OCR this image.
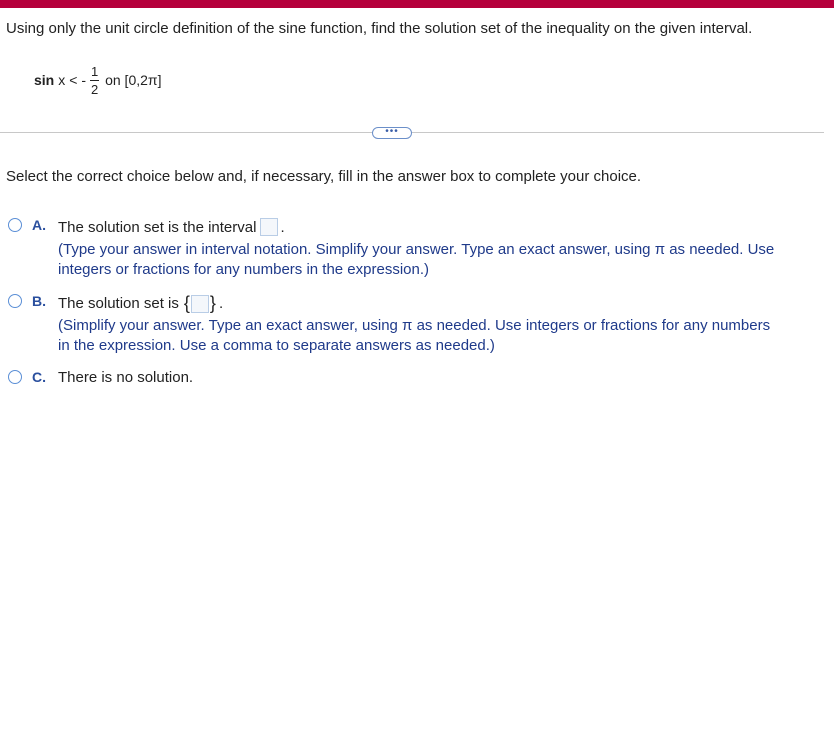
Using only the unit circle definition of the sine function, find the solution set of the inequality on the given interval.
sin x < - $\frac{1}{2}$ on [0,2π]
•••
Select the correct choice below and, if necessary, fill in the answer box to complete your choice.
A. The solution set is the interval .
(Type your answer in interval notation. Simplify your answer. Type an exact answer, using π as needed. Use
integers or fractions for any numbers in the expression.)
B. The solution set is { } .
(Simplify your answer. Type an exact answer, using π as needed. Use integers or fractions for any numbers
in the expression. Use a comma to separate answers as needed.)
C. There is no solution.
